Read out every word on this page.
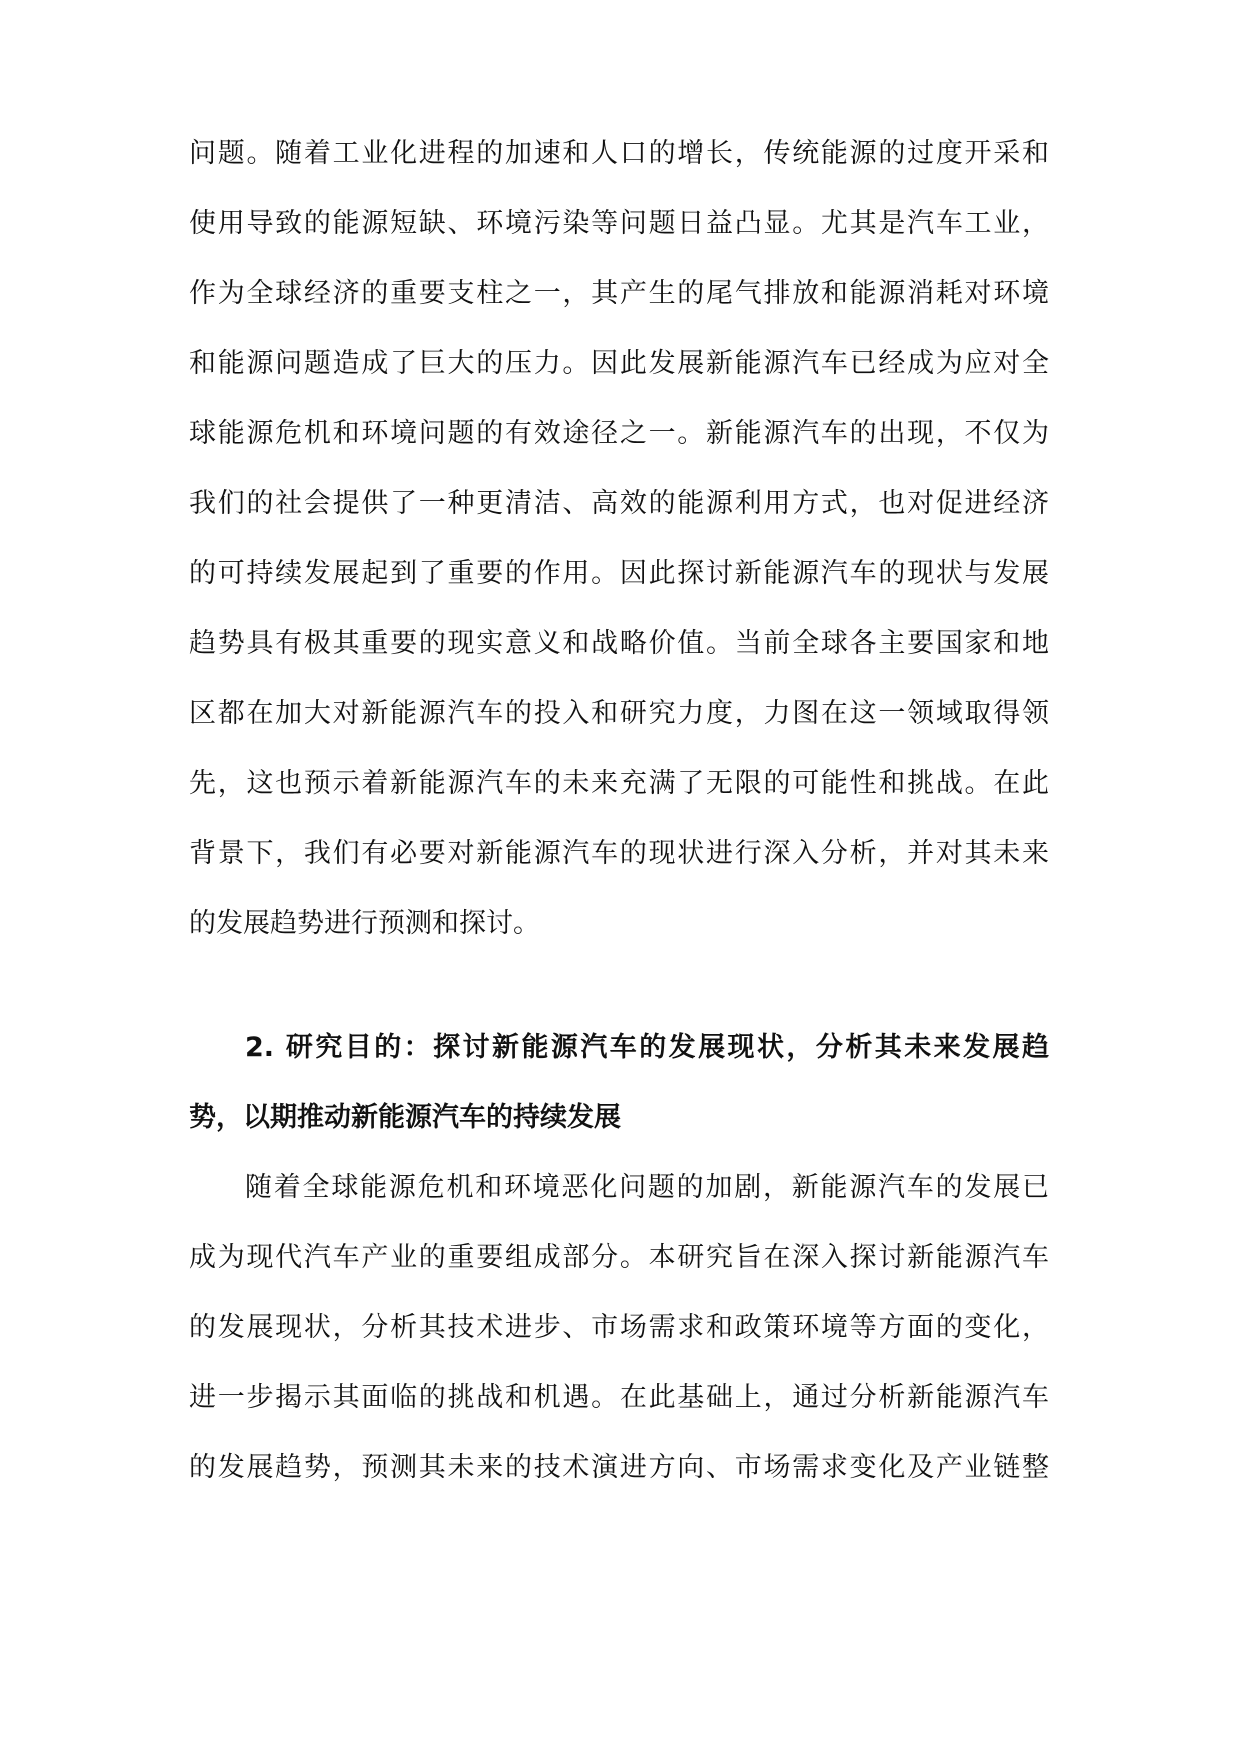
问题。随着工业化进程的加速和人口的增长，传统能源的过度开采和
使用导致的能源短缺、环境污染等问题日益凸显。尤其是汽车工业，
作为全球经济的重要支柱之一，其产生的尾气排放和能源消耗对环境
和能源问题造成了巨大的压力。因此发展新能源汽车已经成为应对全
球能源危机和环境问题的有效途径之一。新能源汽车的出现，不仅为
我们的社会提供了一种更清洁、高效的能源利用方式，也对促进经济
的可持续发展起到了重要的作用。因此探讨新能源汽车的现状与发展
趋势具有极其重要的现实意义和战略价值。当前全球各主要国家和地
区都在加大对新能源汽车的投入和研究力度，力图在这一领域取得领
先，这也预示着新能源汽车的未来充满了无限的可能性和挑战。在此
背景下，我们有必要对新能源汽车的现状进行深入分析，并对其未来
的发展趋势进行预测和探讨。
2. 研究目的：探讨新能源汽车的发展现状，分析其未来发展趋
势，以期推动新能源汽车的持续发展
随着全球能源危机和环境恶化问题的加剧，新能源汽车的发展已
成为现代汽车产业的重要组成部分。本研究旨在深入探讨新能源汽车
的发展现状，分析其技术进步、市场需求和政策环境等方面的变化，
进一步揭示其面临的挑战和机遇。在此基础上，通过分析新能源汽车
的发展趋势，预测其未来的技术演进方向、市场需求变化及产业链整
